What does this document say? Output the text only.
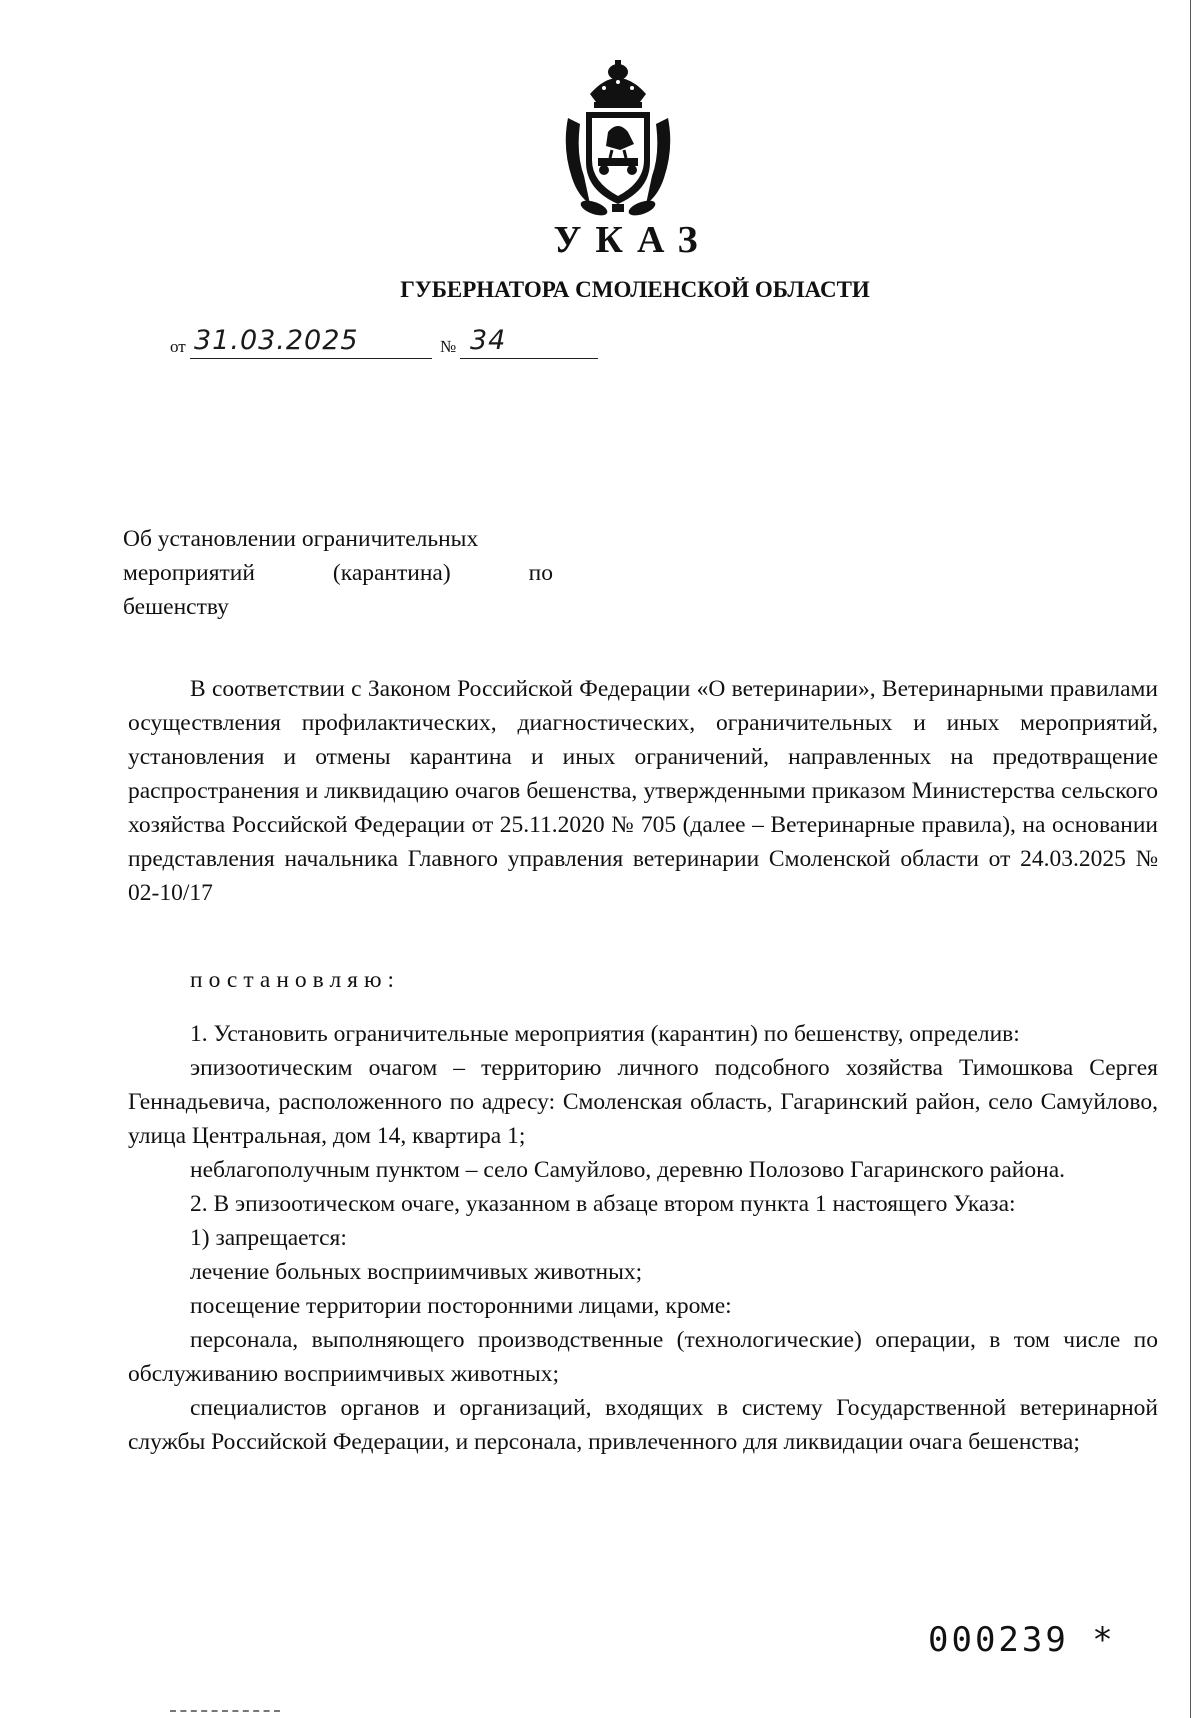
УКАЗ
ГУБЕРНАТОРА СМОЛЕНСКОЙ ОБЛАСТИ
от 31.03.2025	№ 34
Об установлении ограничительных
мероприятий (карантина) по
бешенству

В соответствии с Законом Российской Федерации «О ветеринарии», Ветеринарными правилами осуществления профилактических, диагностических, ограничительных и иных мероприятий, установления и отмены карантина и иных ограничений, направленных на предотвращение распространения и ликвидацию очагов бешенства, утвержденными приказом Министерства сельского хозяйства Российской Федерации от 25.11.2020 № 705 (далее – Ветеринарные правила), на основании представления начальника Главного управления ветеринарии Смоленской области от 24.03.2025 № 02-10/17

постановляю:

1. Установить ограничительные мероприятия (карантин) по бешенству, определив:

эпизоотическим очагом – территорию личного подсобного хозяйства Тимошкова Сергея Геннадьевича, расположенного по адресу: Смоленская область, Гагаринский район, село Самуйлово, улица Центральная, дом 14, квартира 1;

неблагополучным пунктом – село Самуйлово, деревню Полозово Гагаринского района.

2. В эпизоотическом очаге, указанном в абзаце втором пункта 1 настоящего Указа:

1) запрещается:

лечение больных восприимчивых животных;

посещение территории посторонними лицами, кроме:

персонала, выполняющего производственные (технологические) операции, в том числе по обслуживанию восприимчивых животных;

специалистов органов и организаций, входящих в систему Государственной ветеринарной службы Российской Федерации, и персонала, привлеченного для ликвидации очага бешенства;

000239 *
